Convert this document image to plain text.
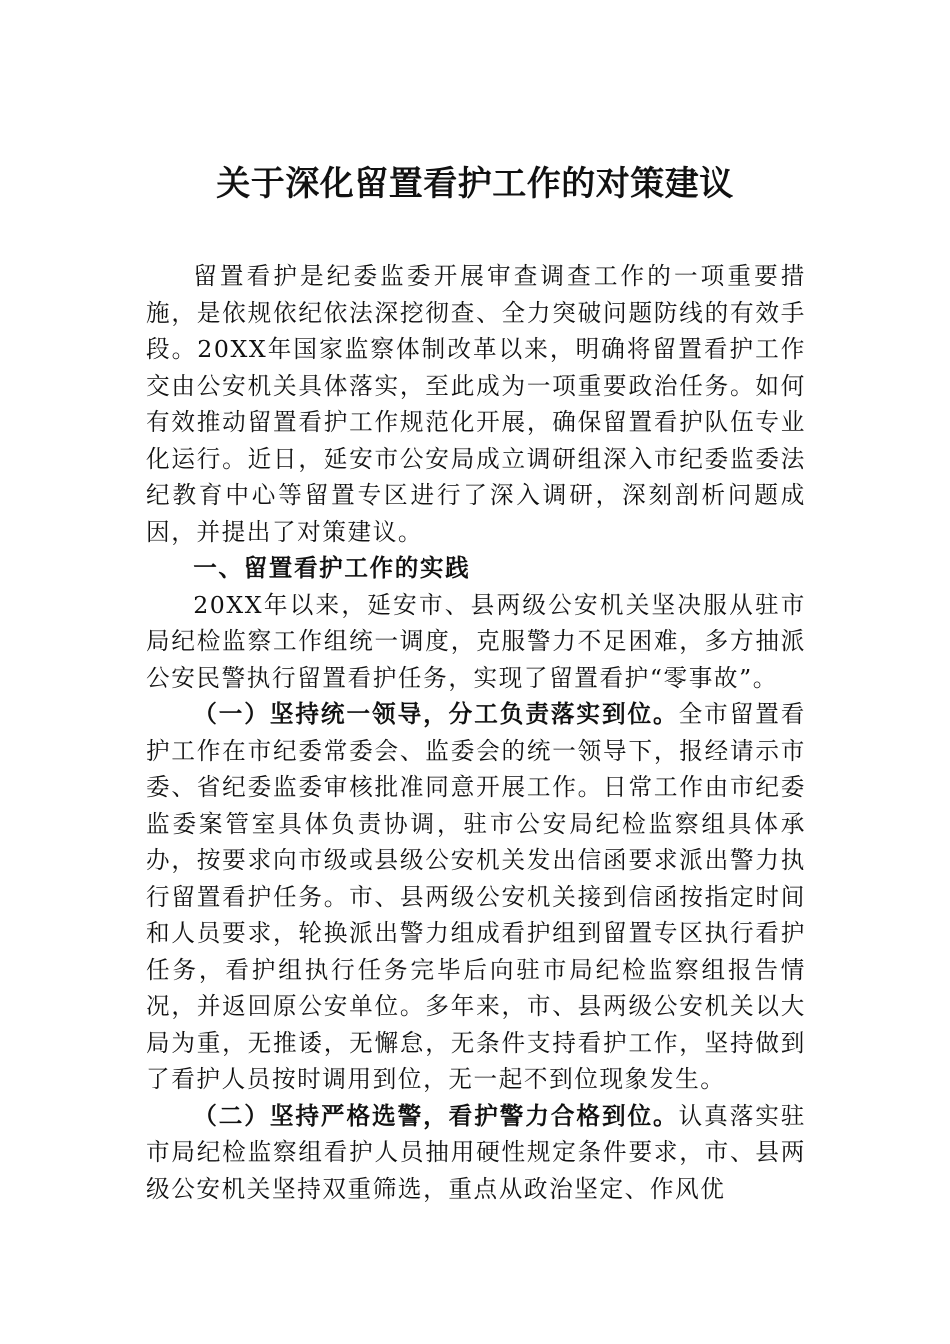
关于深化留置看护工作的对策建议

留置看护是纪委监委开展审查调查工作的一项重要措施，是依规依纪依法深挖彻查、全力突破问题防线的有效手段。20XX年国家监察体制改革以来，明确将留置看护工作交由公安机关具体落实，至此成为一项重要政治任务。如何有效推动留置看护工作规范化开展，确保留置看护队伍专业化运行。近日，延安市公安局成立调研组深入市纪委监委法纪教育中心等留置专区进行了深入调研，深刻剖析问题成因，并提出了对策建议。

一、留置看护工作的实践

20XX年以来，延安市、县两级公安机关坚决服从驻市局纪检监察工作组统一调度，克服警力不足困难，多方抽派公安民警执行留置看护任务，实现了留置看护“零事故”。

（一）坚持统一领导，分工负责落实到位。全市留置看护工作在市纪委常委会、监委会的统一领导下，报经请示市委、省纪委监委审核批准同意开展工作。日常工作由市纪委监委案管室具体负责协调，驻市公安局纪检监察组具体承办，按要求向市级或县级公安机关发出信函要求派出警力执行留置看护任务。市、县两级公安机关接到信函按指定时间和人员要求，轮换派出警力组成看护组到留置专区执行看护任务，看护组执行任务完毕后向驻市局纪检监察组报告情况，并返回原公安单位。多年来，市、县两级公安机关以大局为重，无推诿，无懈怠，无条件支持看护工作，坚持做到了看护人员按时调用到位，无一起不到位现象发生。

（二）坚持严格选警，看护警力合格到位。认真落实驻市局纪检监察组看护人员抽用硬性规定条件要求，市、县两级公安机关坚持双重筛选，重点从政治坚定、作风优
